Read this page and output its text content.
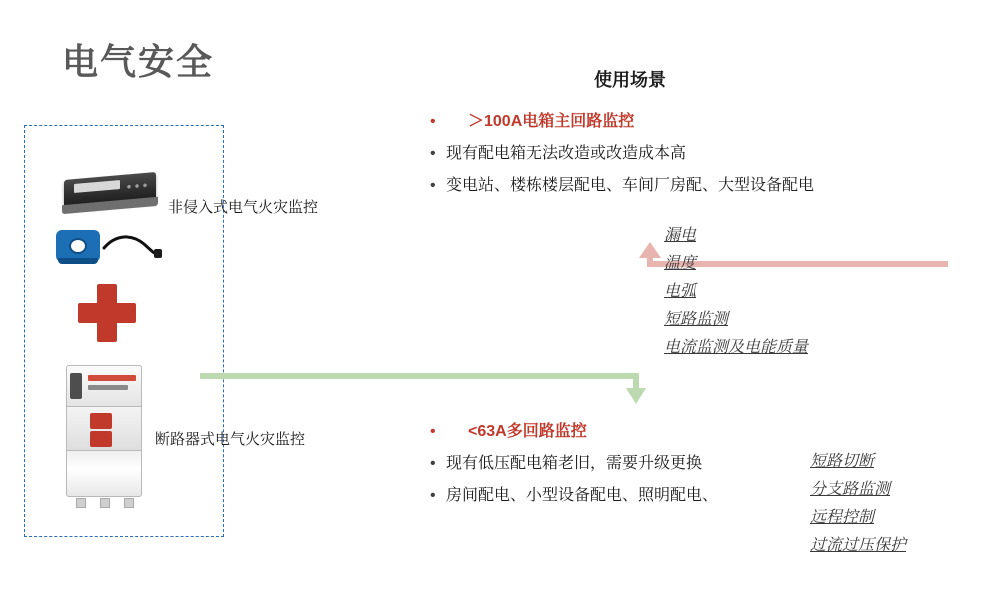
电气安全	使用场景
非侵入式电气火灾监控
断路器式电气火灾监控
•	＞100A电箱主回路监控
• 现有配电箱无法改造或改造成本高
• 变电站、楼栋楼层配电、车间厂房配、大型设备配电
漏电
温度
电弧
短路监测
电流监测及电能质量
•	<63A多回路监控
• 现有低压配电箱老旧，需要升级更换
• 房间配电、小型设备配电、照明配电、
短路切断
分支路监测
远程控制
过流过压保护
